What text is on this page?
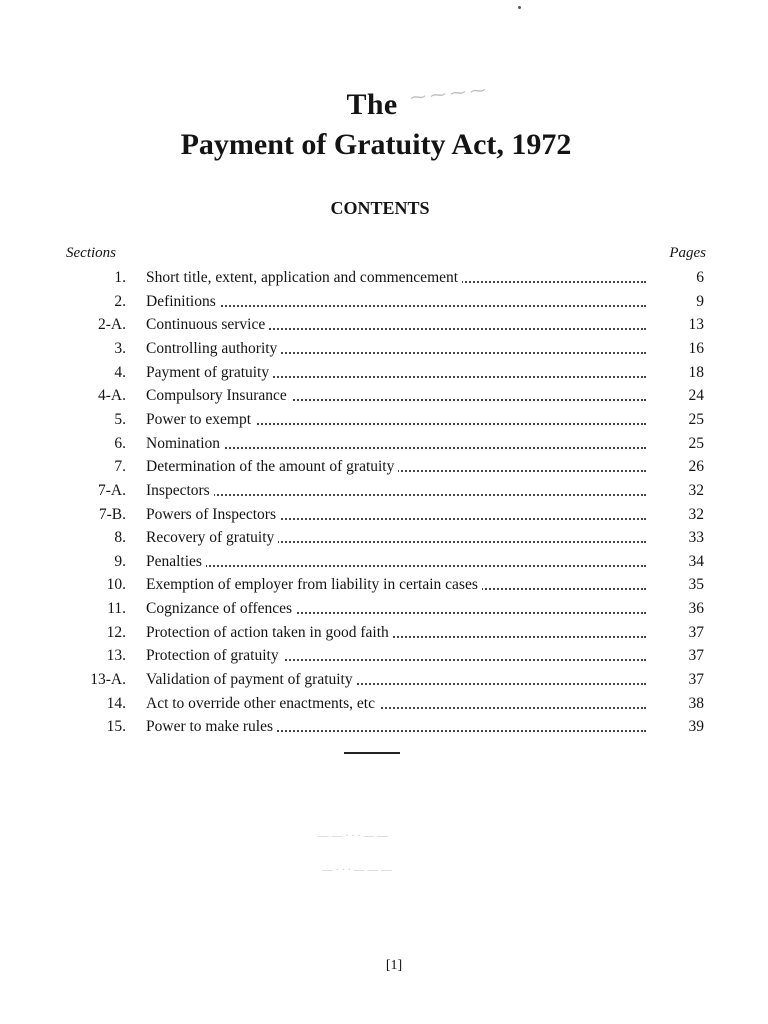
⁓ ⁓ ⁓ ⁓
— — · · · — —
— · · · — — —
The
Payment of Gratuity Act, 1972
CONTENTS
Sections	Pages
1. Short title, extent, application and commencement	6
2. Definitions	9
2-A. Continuous service	13
3. Controlling authority	16
4. Payment of gratuity	18
4-A. Compulsory Insurance	24
5. Power to exempt	25
6. Nomination	25
7. Determination of the amount of gratuity	26
7-A. Inspectors	32
7-B. Powers of Inspectors	32
8. Recovery of gratuity	33
9. Penalties	34
10. Exemption of employer from liability in certain cases	35
11. Cognizance of offences	36
12. Protection of action taken in good faith	37
13. Protection of gratuity	37
13-A. Validation of payment of gratuity	37
14. Act to override other enactments, etc	38
15. Power to make rules	39
[1]
